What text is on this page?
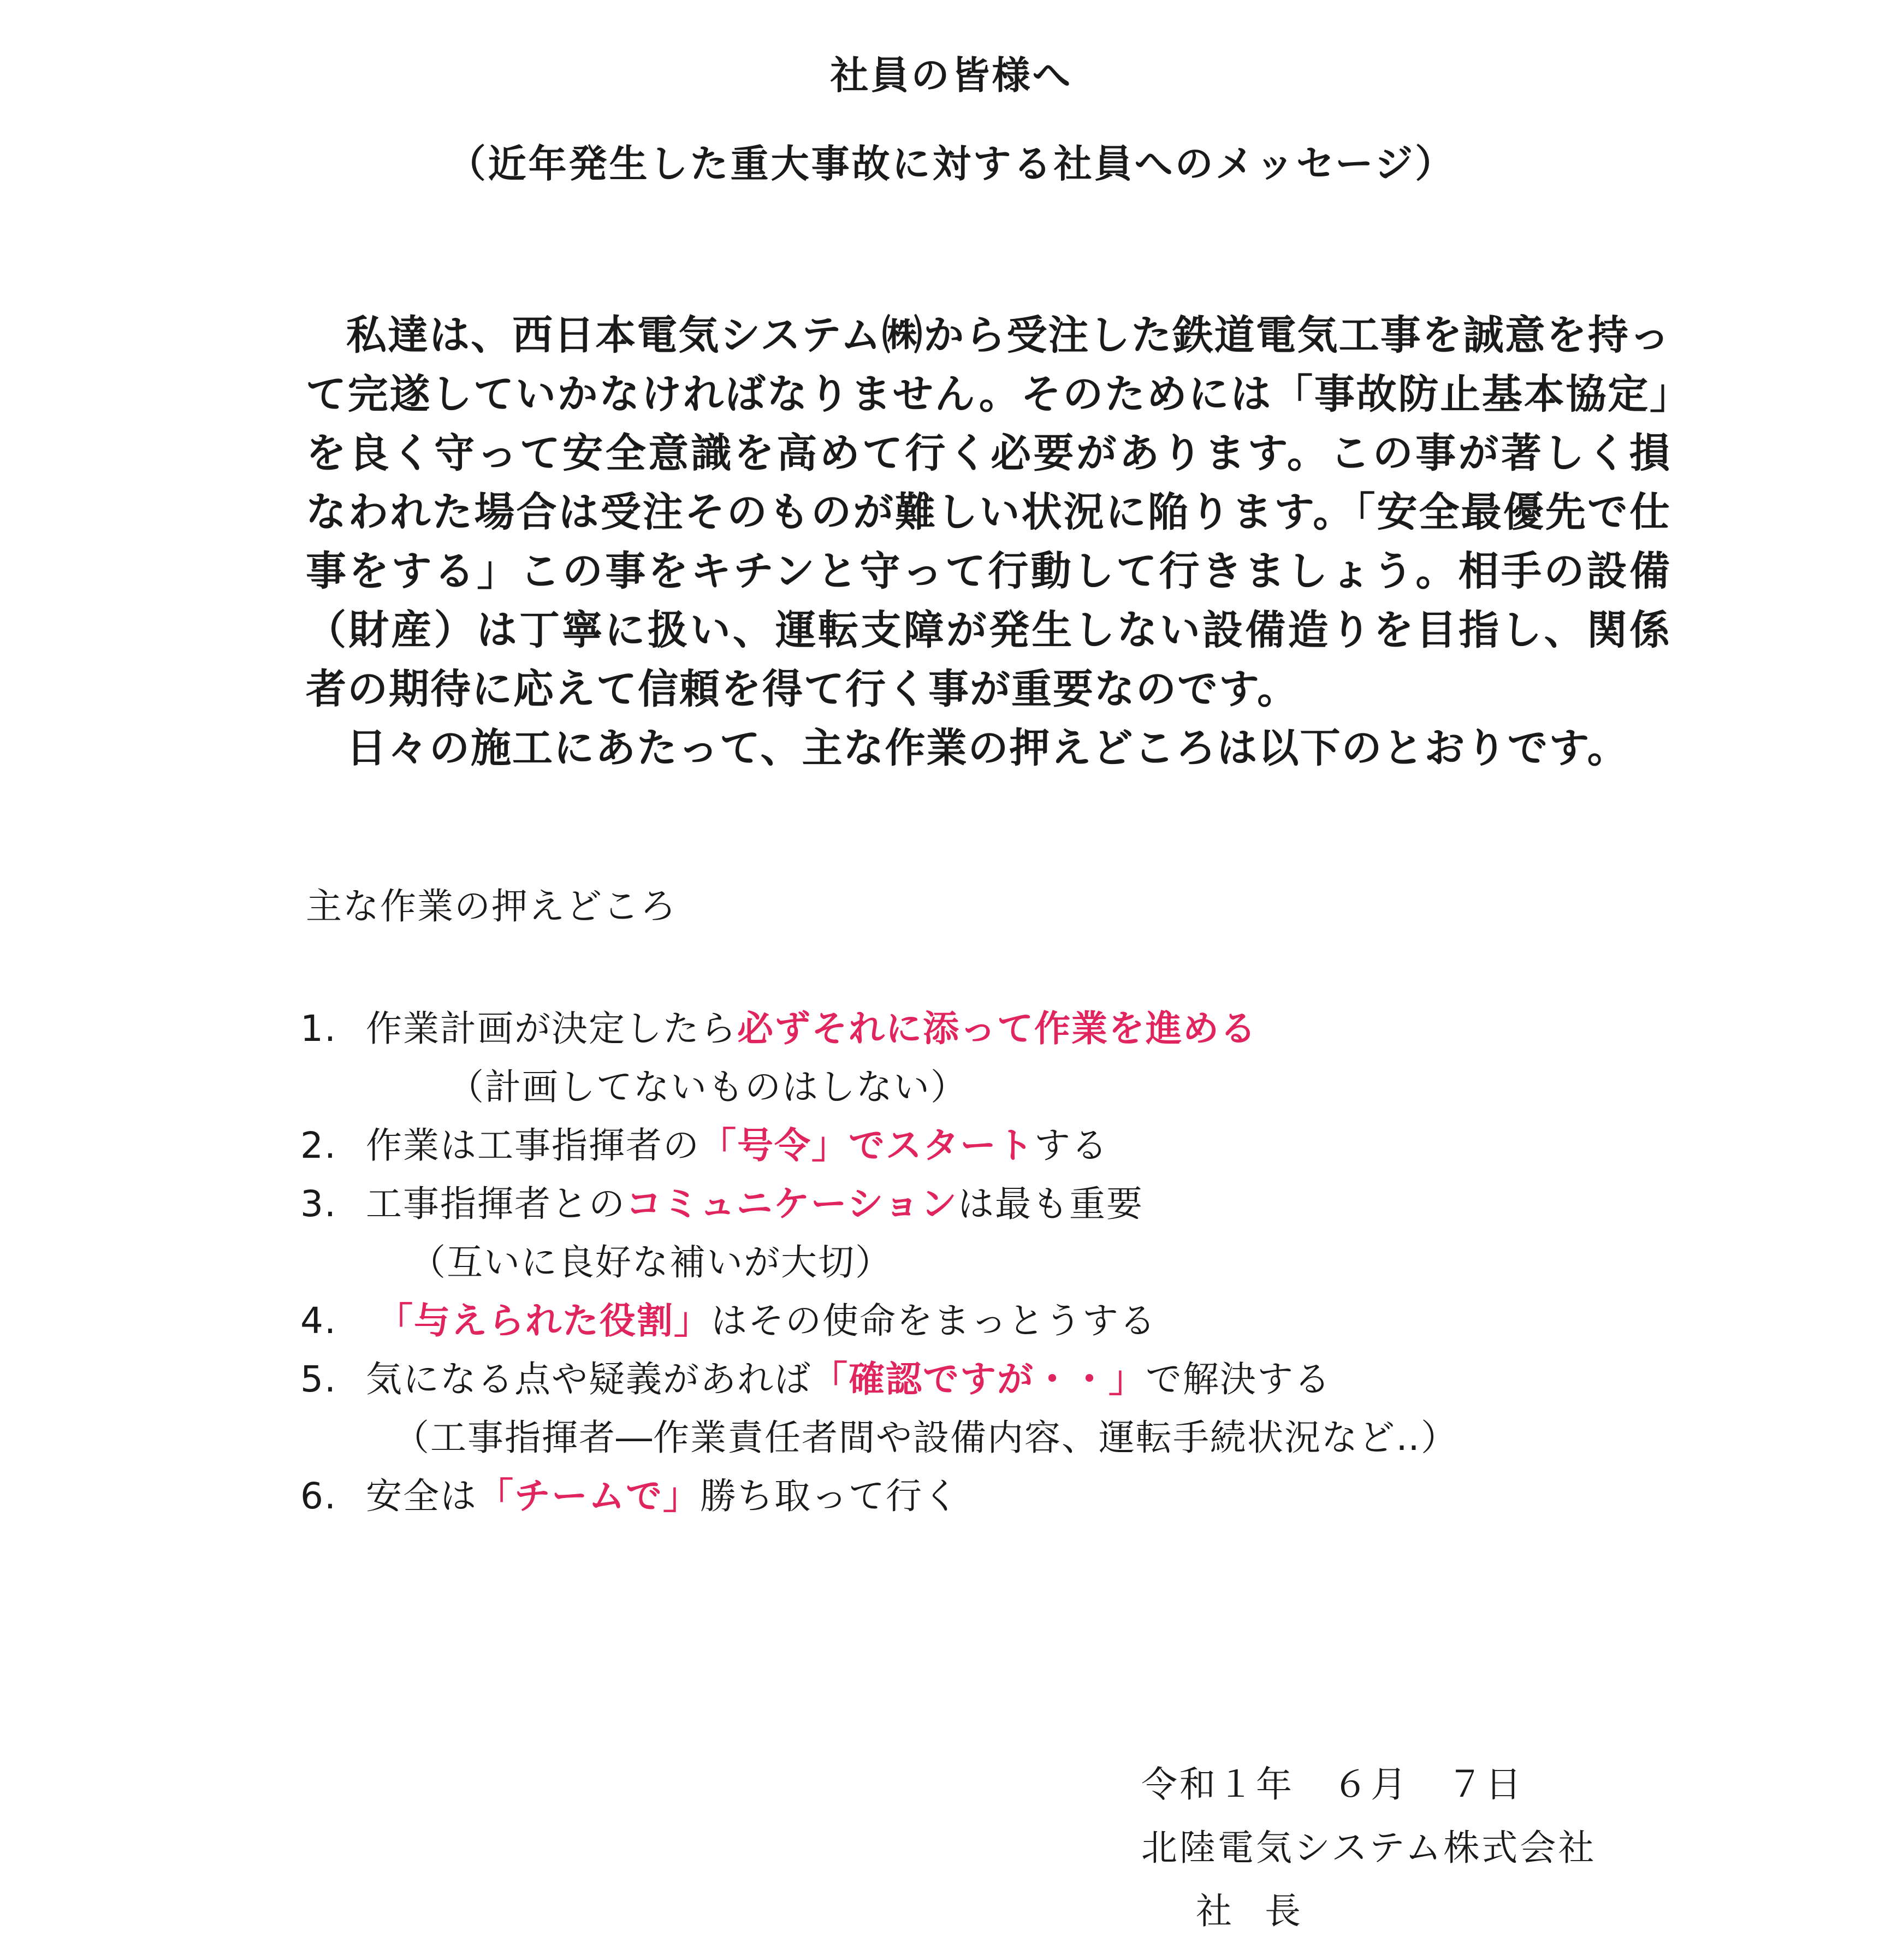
社員の皆様へ
（近年発生した重大事故に対する社員へのメッセージ）

私達は、西日本電気システム㈱から受注した鉄道電気工事を誠意を持って完遂していかなければなりません。そのためには「事故防止基本協定」を良く守って安全意識を高めて行く必要があります。この事が著しく損なわれた場合は受注そのものが難しい状況に陥ります。「安全最優先で仕事をする」この事をキチンと守って行動して行きましょう。相手の設備（財産）は丁寧に扱い、運転支障が発生しない設備造りを目指し、関係者の期待に応えて信頼を得て行く事が重要なのです。

日々の施工にあたって、主な作業の押えどころは以下のとおりです。

主な作業の押えどころ
1. 作業計画が決定したら必ずそれに添って作業を進める
（計画してないものはしない）
2. 作業は工事指揮者の「号令」でスタートする
3. 工事指揮者とのコミュニケーションは最も重要
（互いに良好な補いが大切）
4. 「与えられた役割」はその使命をまっとうする
5. 気になる点や疑義があれば「確認ですが・・」で解決する
（工事指揮者―作業責任者間や設備内容、運転手続状況など‥）
6. 安全は「チームで」勝ち取って行く
令和１年　６月　７日
北陸電気システム株式会社
社長
